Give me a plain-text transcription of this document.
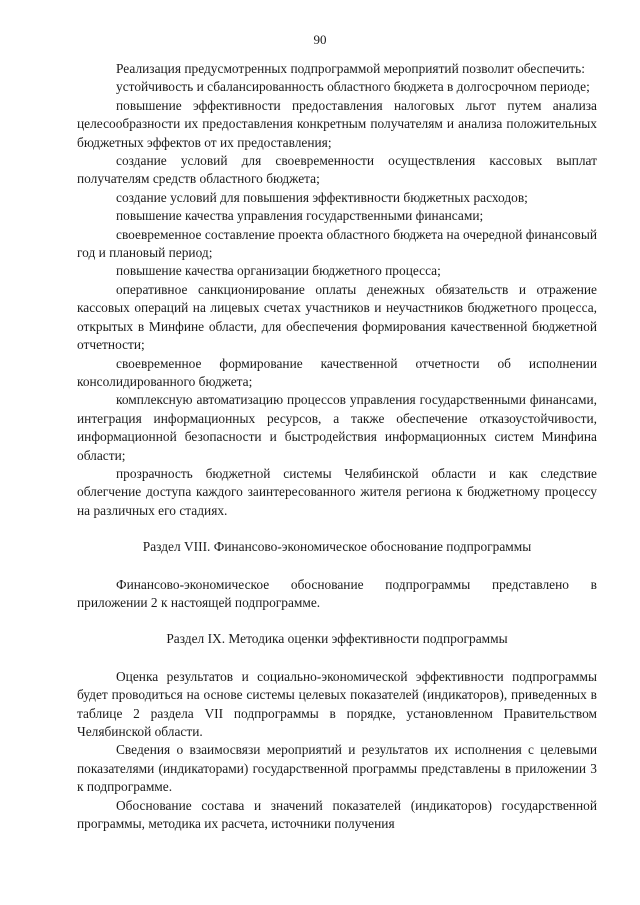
90

Реализация предусмотренных подпрограммой мероприятий позволит обеспечить:

устойчивость и сбалансированность областного бюджета в долгосрочном периоде;

повышение эффективности предоставления налоговых льгот путем анализа целесообразности их предоставления конкретным получателям и анализа положительных бюджетных эффектов от их предоставления;

создание условий для своевременности осуществления кассовых выплат получателям средств областного бюджета;

создание условий для повышения эффективности бюджетных расходов;

повышение качества управления государственными финансами;

своевременное составление проекта областного бюджета на очередной финансовый год и плановый период;

повышение качества организации бюджетного процесса;

оперативное санкционирование оплаты денежных обязательств и отражение кассовых операций на лицевых счетах участников и неучастников бюджетного процесса, открытых в Минфине области, для обеспечения формирования качественной бюджетной отчетности;

своевременное формирование качественной отчетности об исполнении консолидированного бюджета;

комплексную автоматизацию процессов управления государственными финансами, интеграция информационных ресурсов, а также обеспечение отказоустойчивости, информационной безопасности и быстродействия информационных систем Минфина области;

прозрачность бюджетной системы Челябинской области и как следствие облегчение доступа каждого заинтересованного жителя региона к бюджетному процессу на различных его стадиях.

Раздел VIII. Финансово-экономическое обоснование подпрограммы

Финансово-экономическое обоснование подпрограммы представлено в приложении 2 к настоящей подпрограмме.

Раздел IX. Методика оценки эффективности подпрограммы

Оценка результатов и социально-экономической эффективности подпрограммы будет проводиться на основе системы целевых показателей (индикаторов), приведенных в таблице 2 раздела VII подпрограммы в порядке, установленном Правительством Челябинской области.

Сведения о взаимосвязи мероприятий и результатов их исполнения с целевыми показателями (индикаторами) государственной программы представлены в приложении 3 к подпрограмме.

Обоснование состава и значений показателей (индикаторов) государственной программы, методика их расчета, источники получения
